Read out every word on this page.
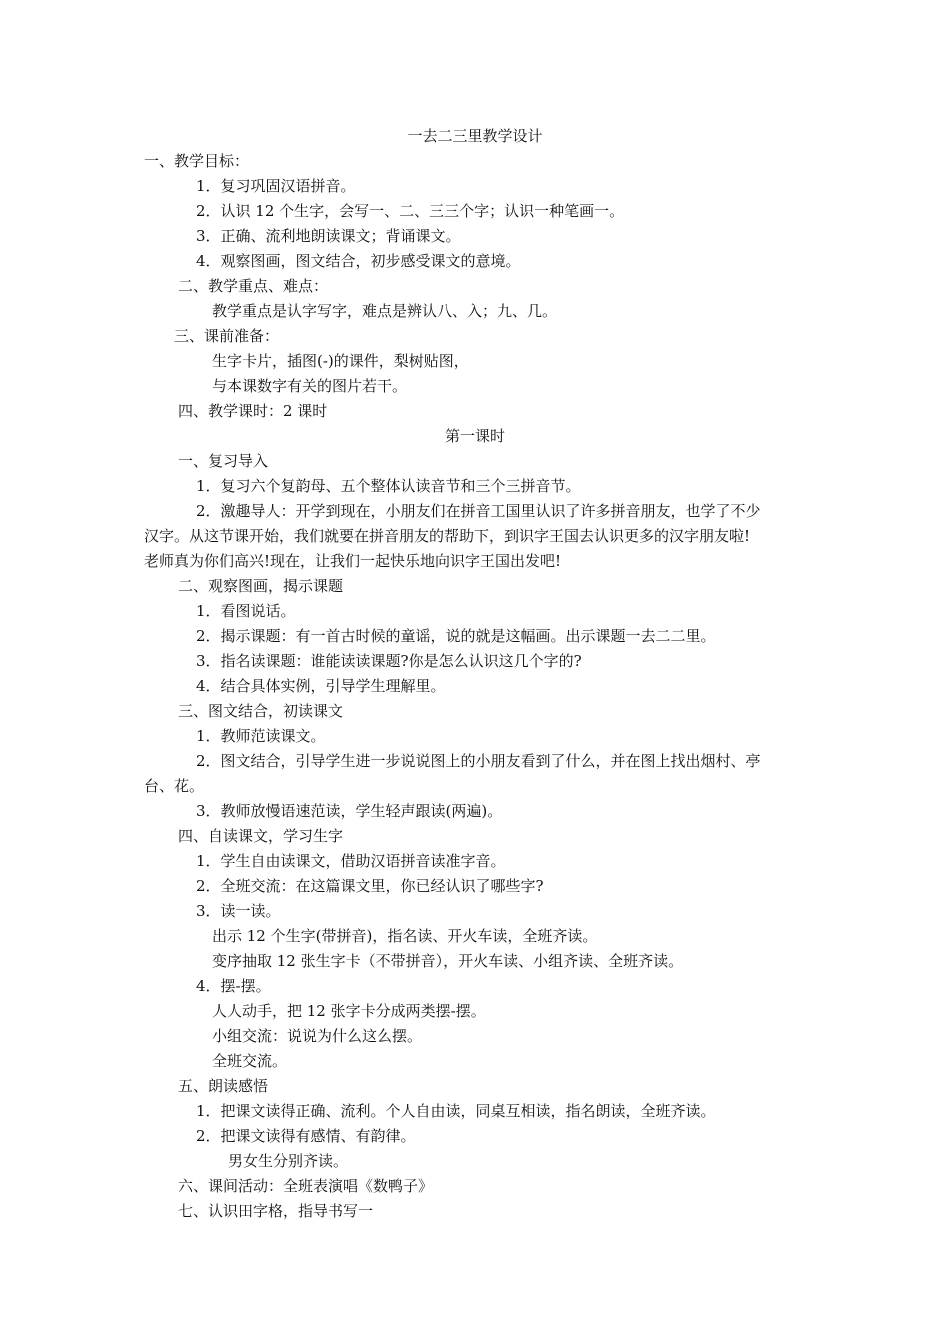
一去二三里教学设计
一、教学目标：
1．复习巩固汉语拼音。
2．认识 12 个生字，会写一、二、三三个字；认识一种笔画一。
3．正确、流利地朗读课文；背诵课文。
4．观察图画，图文结合，初步感受课文的意境。
二、教学重点、难点：
教学重点是认字写字，难点是辨认八、入；九、几。
三、课前准备：
生字卡片，插图(-)的课件，梨树贴图，
与本课数字有关的图片若干。
四、教学课时：2 课时
第一课时
一、复习导入
1．复习六个复韵母、五个整体认读音节和三个三拼音节。
2．激趣导人：开学到现在，小朋友们在拼音工国里认识了许多拼音朋友，也学了不少
汉字。从这节课开始，我们就要在拼音朋友的帮助下，到识字王国去认识更多的汉字朋友啦!
老师真为你们高兴!现在，让我们一起快乐地向识字王国出发吧!
二、观察图画，揭示课题
1．看图说话。
2．揭示课题：有一首古时候的童谣，说的就是这幅画。出示课题一去二二里。
3．指名读课题：谁能读读课题?你是怎么认识这几个字的?
4．结合具体实例，引导学生理解里。
三、图文结合，初读课文
1．教师范读课文。
2．图文结合，引导学生进一步说说图上的小朋友看到了什么，并在图上找出烟村、亭
台、花。
3．教师放慢语速范读，学生轻声跟读(两遍)。
四、自读课文，学习生字
1．学生自由读课文，借助汉语拼音读准字音。
2．全班交流：在这篇课文里，你已经认识了哪些字?
3．读一读。
出示 12 个生字(带拼音)，指名读、开火车读，全班齐读。
变序抽取 12 张生字卡（不带拼音），开火车读、小组齐读、全班齐读。
4．摆-摆。
人人动手，把 12 张字卡分成两类摆-摆。
小组交流：说说为什么这么摆。
全班交流。
五、朗读感悟
1．把课文读得正确、流利。个人自由读，同桌互相读，指名朗读，全班齐读。
2．把课文读得有感情、有韵律。
男女生分别齐读。
六、课间活动：全班表演唱《数鸭子》
七、认识田字格，指导书写一
